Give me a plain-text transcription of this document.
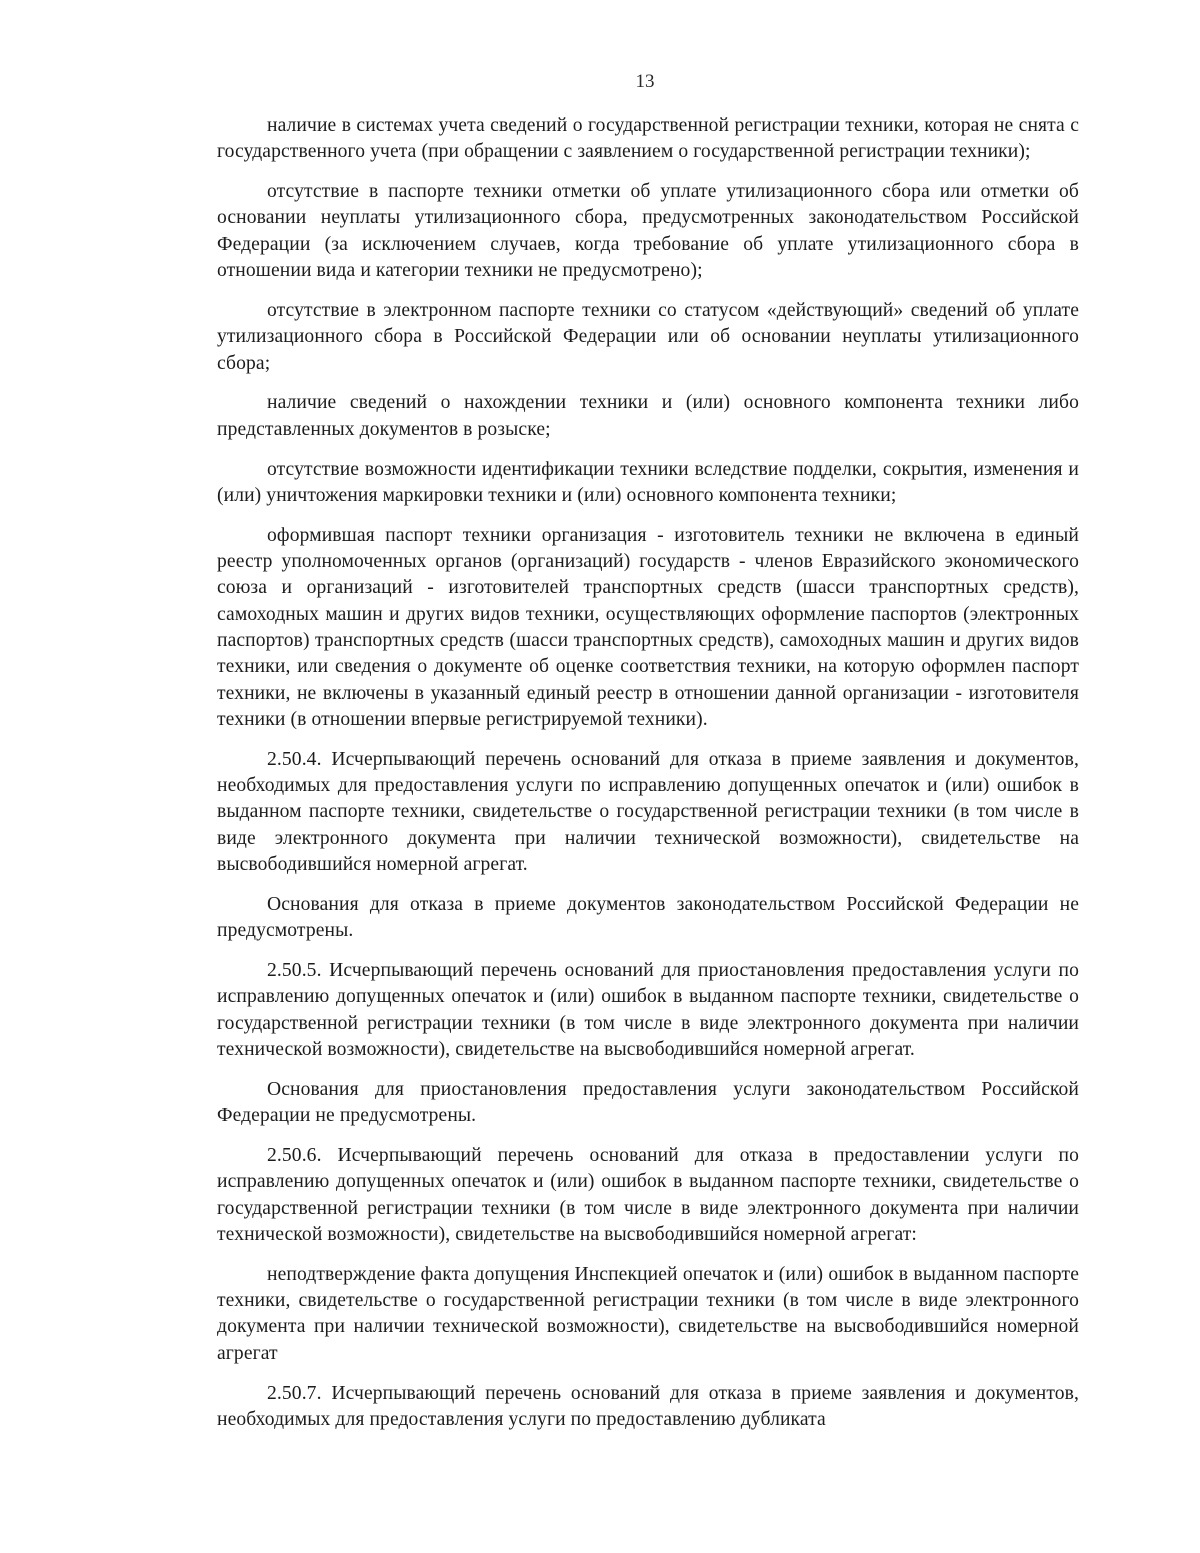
13

наличие в системах учета сведений о государственной регистрации техники, которая не снята с государственного учета (при обращении с заявлением о государственной регистрации техники);

отсутствие в паспорте техники отметки об уплате утилизационного сбора или отметки об основании неуплаты утилизационного сбора, предусмотренных законодательством Российской Федерации (за исключением случаев, когда требование об уплате утилизационного сбора в отношении вида и категории техники не предусмотрено);

отсутствие в электронном паспорте техники со статусом «действующий» сведений об уплате утилизационного сбора в Российской Федерации или об основании неуплаты утилизационного сбора;

наличие сведений о нахождении техники и (или) основного компонента техники либо представленных документов в розыске;

отсутствие возможности идентификации техники вследствие подделки, сокрытия, изменения и (или) уничтожения маркировки техники и (или) основного компонента техники;

оформившая паспорт техники организация - изготовитель техники не включена в единый реестр уполномоченных органов (организаций) государств - членов Евразийского экономического союза и организаций - изготовителей транспортных средств (шасси транспортных средств), самоходных машин и других видов техники, осуществляющих оформление паспортов (электронных паспортов) транспортных средств (шасси транспортных средств), самоходных машин и других видов техники, или сведения о документе об оценке соответствия техники, на которую оформлен паспорт техники, не включены в указанный единый реестр в отношении данной организации - изготовителя техники (в отношении впервые регистрируемой техники).

2.50.4. Исчерпывающий перечень оснований для отказа в приеме заявления и документов, необходимых для предоставления услуги по исправлению допущенных опечаток и (или) ошибок в выданном паспорте техники, свидетельстве о государственной регистрации техники (в том числе в виде электронного документа при наличии технической возможности), свидетельстве на высвободившийся номерной агрегат.

Основания для отказа в приеме документов законодательством Российской Федерации не предусмотрены.

2.50.5. Исчерпывающий перечень оснований для приостановления предоставления услуги по исправлению допущенных опечаток и (или) ошибок в выданном паспорте техники, свидетельстве о государственной регистрации техники (в том числе в виде электронного документа при наличии технической возможности), свидетельстве на высвободившийся номерной агрегат.

Основания для приостановления предоставления услуги законодательством Российской Федерации не предусмотрены.

2.50.6. Исчерпывающий перечень оснований для отказа в предоставлении услуги по исправлению допущенных опечаток и (или) ошибок в выданном паспорте техники, свидетельстве о государственной регистрации техники (в том числе в виде электронного документа при наличии технической возможности), свидетельстве на высвободившийся номерной агрегат:

неподтверждение факта допущения Инспекцией опечаток и (или) ошибок в выданном паспорте техники, свидетельстве о государственной регистрации техники (в том числе в виде электронного документа при наличии технической возможности), свидетельстве на высвободившийся номерной агрегат

2.50.7. Исчерпывающий перечень оснований для отказа в приеме заявления и документов, необходимых для предоставления услуги по предоставлению дубликата
